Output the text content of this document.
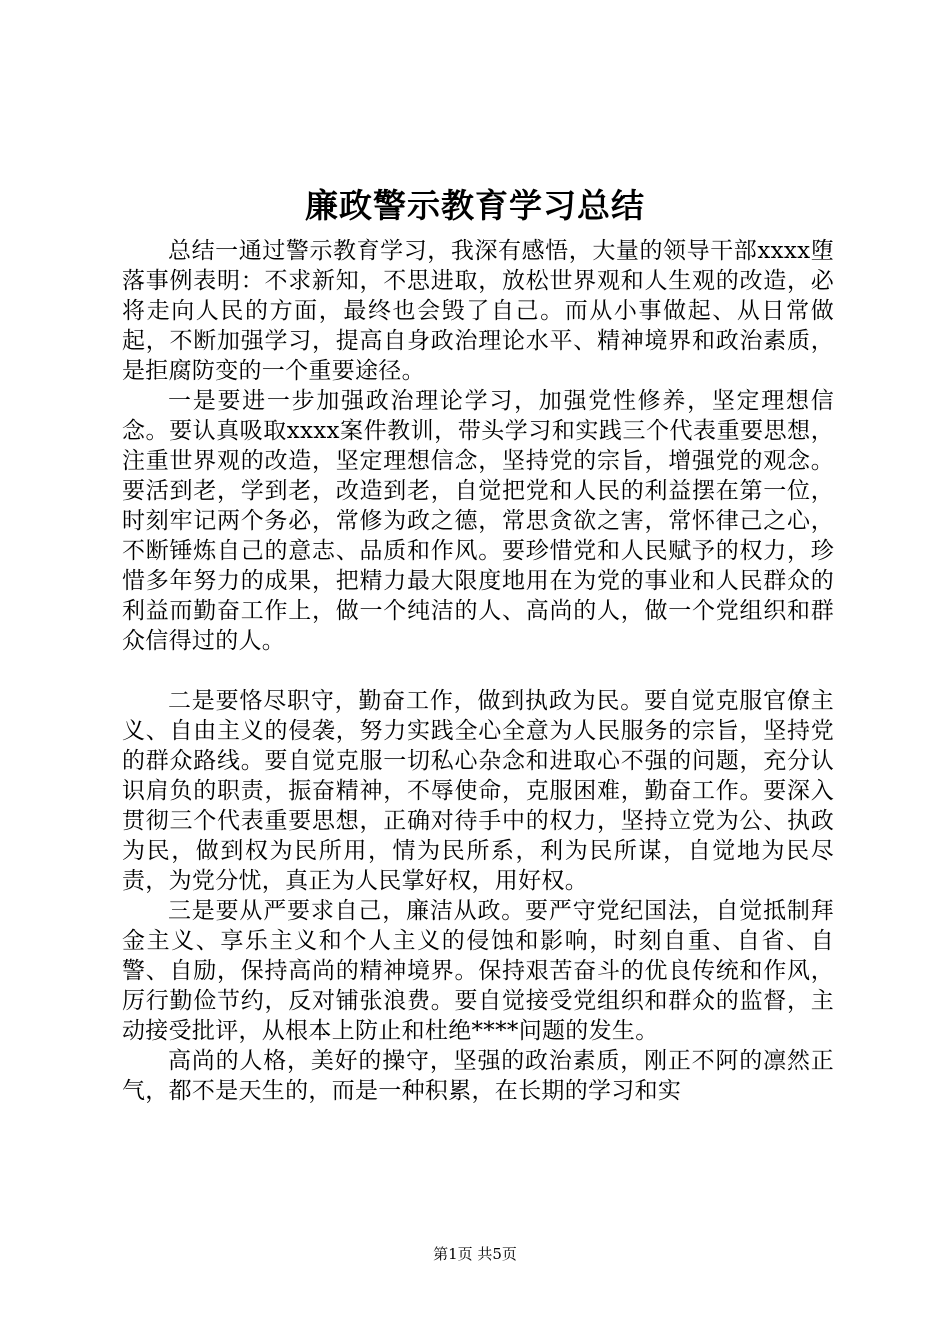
廉政警示教育学习总结

总结一通过警示教育学习，我深有感悟，大量的领导干部xxxx堕落事例表明：不求新知，不思进取，放松世界观和人生观的改造，必将走向人民的方面，最终也会毁了自己。而从小事做起、从日常做起，不断加强学习，提高自身政治理论水平、精神境界和政治素质，是拒腐防变的一个重要途径。

一是要进一步加强政治理论学习，加强党性修养，坚定理想信念。要认真吸取xxxx案件教训，带头学习和实践三个代表重要思想，注重世界观的改造，坚定理想信念，坚持党的宗旨，增强党的观念。要活到老，学到老，改造到老，自觉把党和人民的利益摆在第一位，时刻牢记两个务必，常修为政之德，常思贪欲之害，常怀律己之心，不断锤炼自己的意志、品质和作风。要珍惜党和人民赋予的权力，珍惜多年努力的成果，把精力最大限度地用在为党的事业和人民群众的利益而勤奋工作上，做一个纯洁的人、高尚的人，做一个党组织和群众信得过的人。

二是要恪尽职守，勤奋工作，做到执政为民。要自觉克服官僚主义、自由主义的侵袭，努力实践全心全意为人民服务的宗旨，坚持党的群众路线。要自觉克服一切私心杂念和进取心不强的问题，充分认识肩负的职责，振奋精神，不辱使命，克服困难，勤奋工作。要深入贯彻三个代表重要思想，正确对待手中的权力，坚持立党为公、执政为民，做到权为民所用，情为民所系，利为民所谋，自觉地为民尽责，为党分忧，真正为人民掌好权，用好权。

三是要从严要求自己，廉洁从政。要严守党纪国法，自觉抵制拜金主义、享乐主义和个人主义的侵蚀和影响，时刻自重、自省、自警、自励，保持高尚的精神境界。保持艰苦奋斗的优良传统和作风，厉行勤俭节约，反对铺张浪费。要自觉接受党组织和群众的监督，主动接受批评，从根本上防止和杜绝****问题的发生。

高尚的人格，美好的操守，坚强的政治素质，刚正不阿的凛然正气，都不是天生的，而是一种积累，在长期的学习和实

第1页 共5页
